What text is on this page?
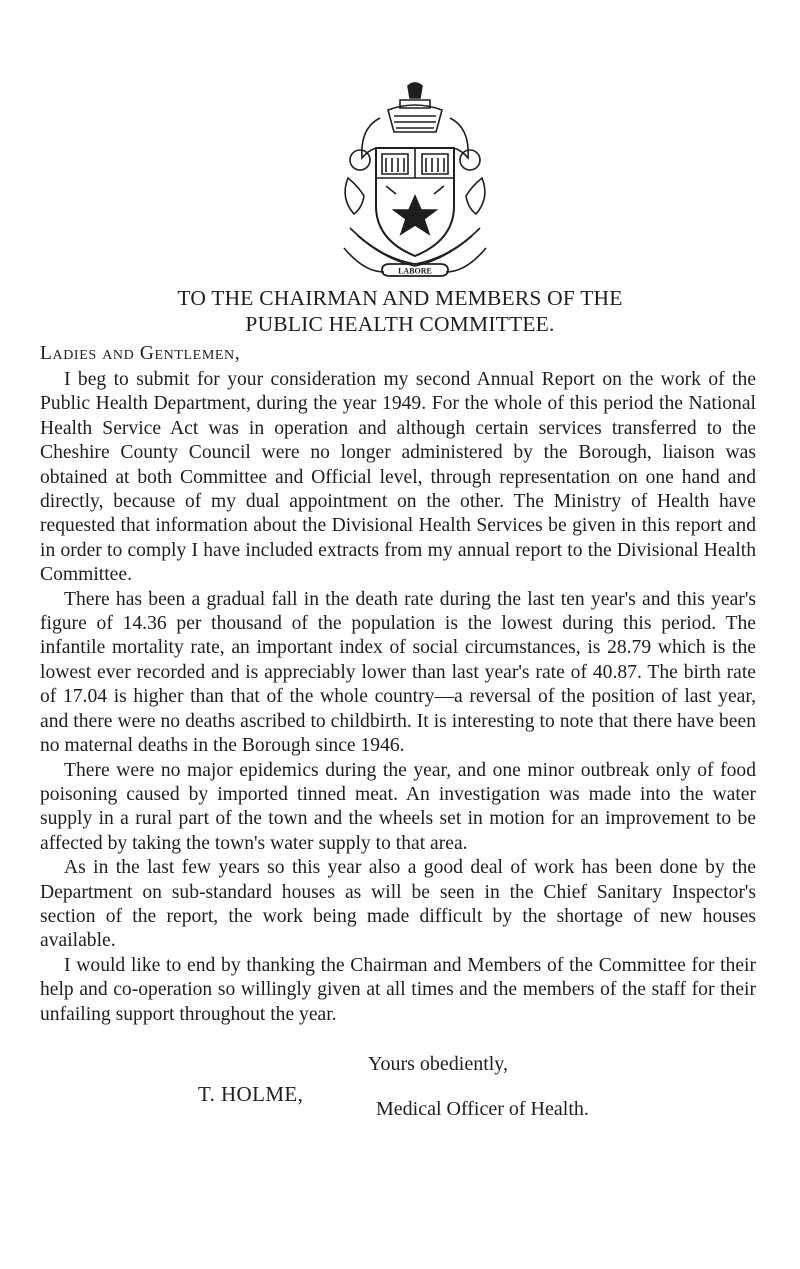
LABORE
TO THE CHAIRMAN AND MEMBERS OF THE
PUBLIC HEALTH COMMITTEE.
Ladies and Gentlemen,

I beg to submit for your consideration my second Annual Report on the work of the Public Health Department, during the year 1949. For the whole of this period the National Health Service Act was in operation and although certain services transferred to the Cheshire County Council were no longer administered by the Borough, liaison was obtained at both Committee and Official level, through representation on one hand and directly, because of my dual appointment on the other. The Ministry of Health have requested that information about the Divisional Health Services be given in this report and in order to comply I have included extracts from my annual report to the Divisional Health Committee.

There has been a gradual fall in the death rate during the last ten year's and this year's figure of 14.36 per thousand of the population is the lowest during this period. The infantile mortality rate, an important index of social circumstances, is 28.79 which is the lowest ever recorded and is appreciably lower than last year's rate of 40.87. The birth rate of 17.04 is higher than that of the whole country—a reversal of the position of last year, and there were no deaths ascribed to childbirth. It is interesting to note that there have been no maternal deaths in the Borough since 1946.

There were no major epidemics during the year, and one minor outbreak only of food poisoning caused by imported tinned meat. An investigation was made into the water supply in a rural part of the town and the wheels set in motion for an improvement to be affected by taking the town's water supply to that area.

As in the last few years so this year also a good deal of work has been done by the Department on sub-standard houses as will be seen in the Chief Sanitary Inspector's section of the report, the work being made difficult by the shortage of new houses available.

I would like to end by thanking the Chairman and Members of the Committee for their help and co-operation so willingly given at all times and the members of the staff for their unfailing support throughout the year.

Yours obediently,
T. HOLME,
Medical Officer of Health.
